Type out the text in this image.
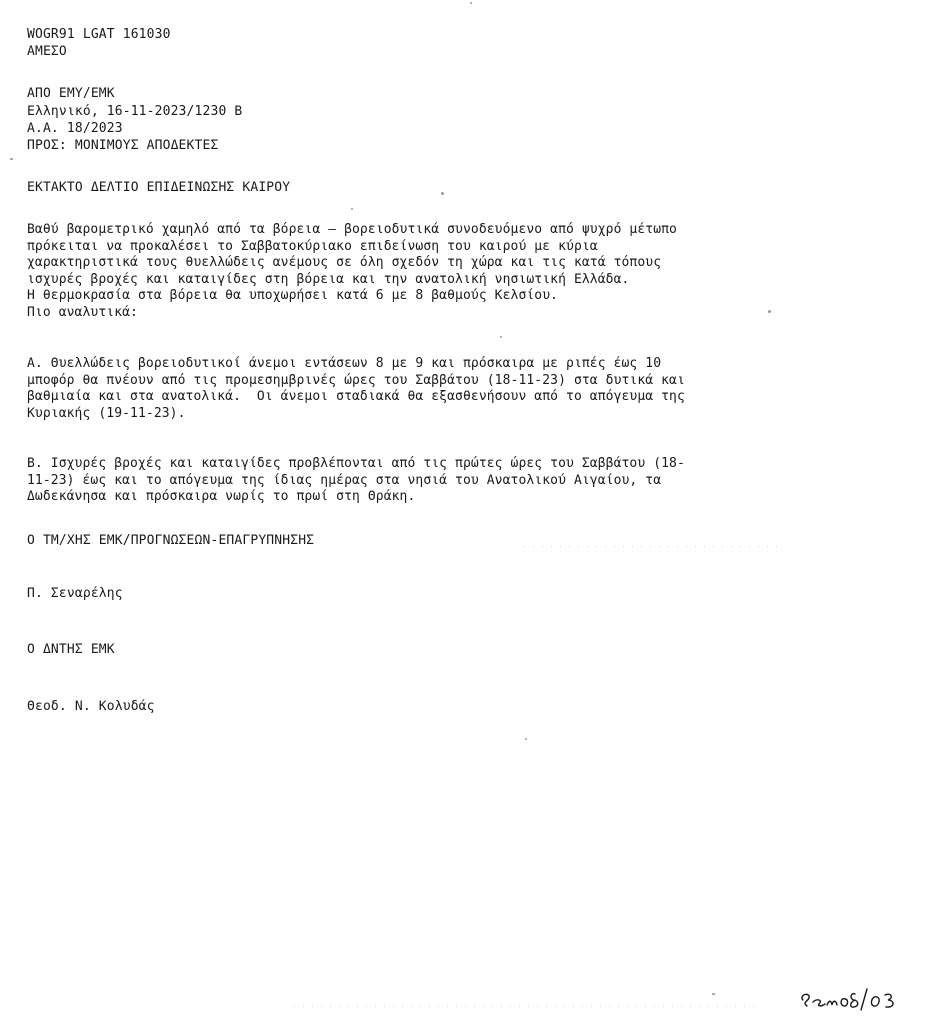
WOGR91 LGAT 161030
ΑΜΕΣΟ
ΑΠΟ ΕΜΥ/ΕΜΚ
Ελληνικό, 16-11-2023/1230 Β
Α.Α. 18/2023
ΠΡΟΣ: ΜΟΝΙΜΟΥΣ ΑΠΟΔΕΚΤΕΣ
ΕΚΤΑΚΤΟ ΔΕΛΤΙΟ ΕΠΙΔΕΙΝΩΣΗΣ ΚΑΙΡΟΥ
Βαθύ βαρομετρικό χαμηλό από τα βόρεια – βορειοδυτικά συνοδευόμενο από ψυχρό μέτωπο
πρόκειται να προκαλέσει το Σαββατοκύριακο επιδείνωση του καιρού με κύρια
χαρακτηριστικά τους θυελλώδεις ανέμους σε όλη σχεδόν τη χώρα και τις κατά τόπους
ισχυρές βροχές και καταιγίδες στη βόρεια και την ανατολική νησιωτική Ελλάδα.
Η θερμοκρασία στα βόρεια θα υποχωρήσει κατά 6 με 8 βαθμούς Κελσίου.
Πιο αναλυτικά:
Α. Θυελλώδεις βορειοδυτικοί άνεμοι εντάσεων 8 με 9 και πρόσκαιρα με ριπές έως 10
μποφόρ θα πνέουν από τις προμεσημβρινές ώρες του Σαββάτου (18-11-23) στα δυτικά και
βαθμιαία και στα ανατολικά.  Οι άνεμοι σταδιακά θα εξασθενήσουν από το απόγευμα της
Κυριακής (19-11-23).
Β. Ισχυρές βροχές και καταιγίδες προβλέπονται από τις πρώτες ώρες του Σαββάτου (18-
11-23) έως και το απόγευμα της ίδιας ημέρας στα νησιά του Ανατολικού Αιγαίου, τα
Δωδεκάνησα και πρόσκαιρα νωρίς το πρωί στη Θράκη.
Ο ΤΜ/ΧΗΣ ΕΜΚ/ΠΡΟΓΝΩΣΕΩΝ-ΕΠΑΓΡΥΠΝΗΣΗΣ
Π. Σεναρέλης
Ο ΔΝΤΗΣ ΕΜΚ
Θεοδ. Ν. Κολυδάς
